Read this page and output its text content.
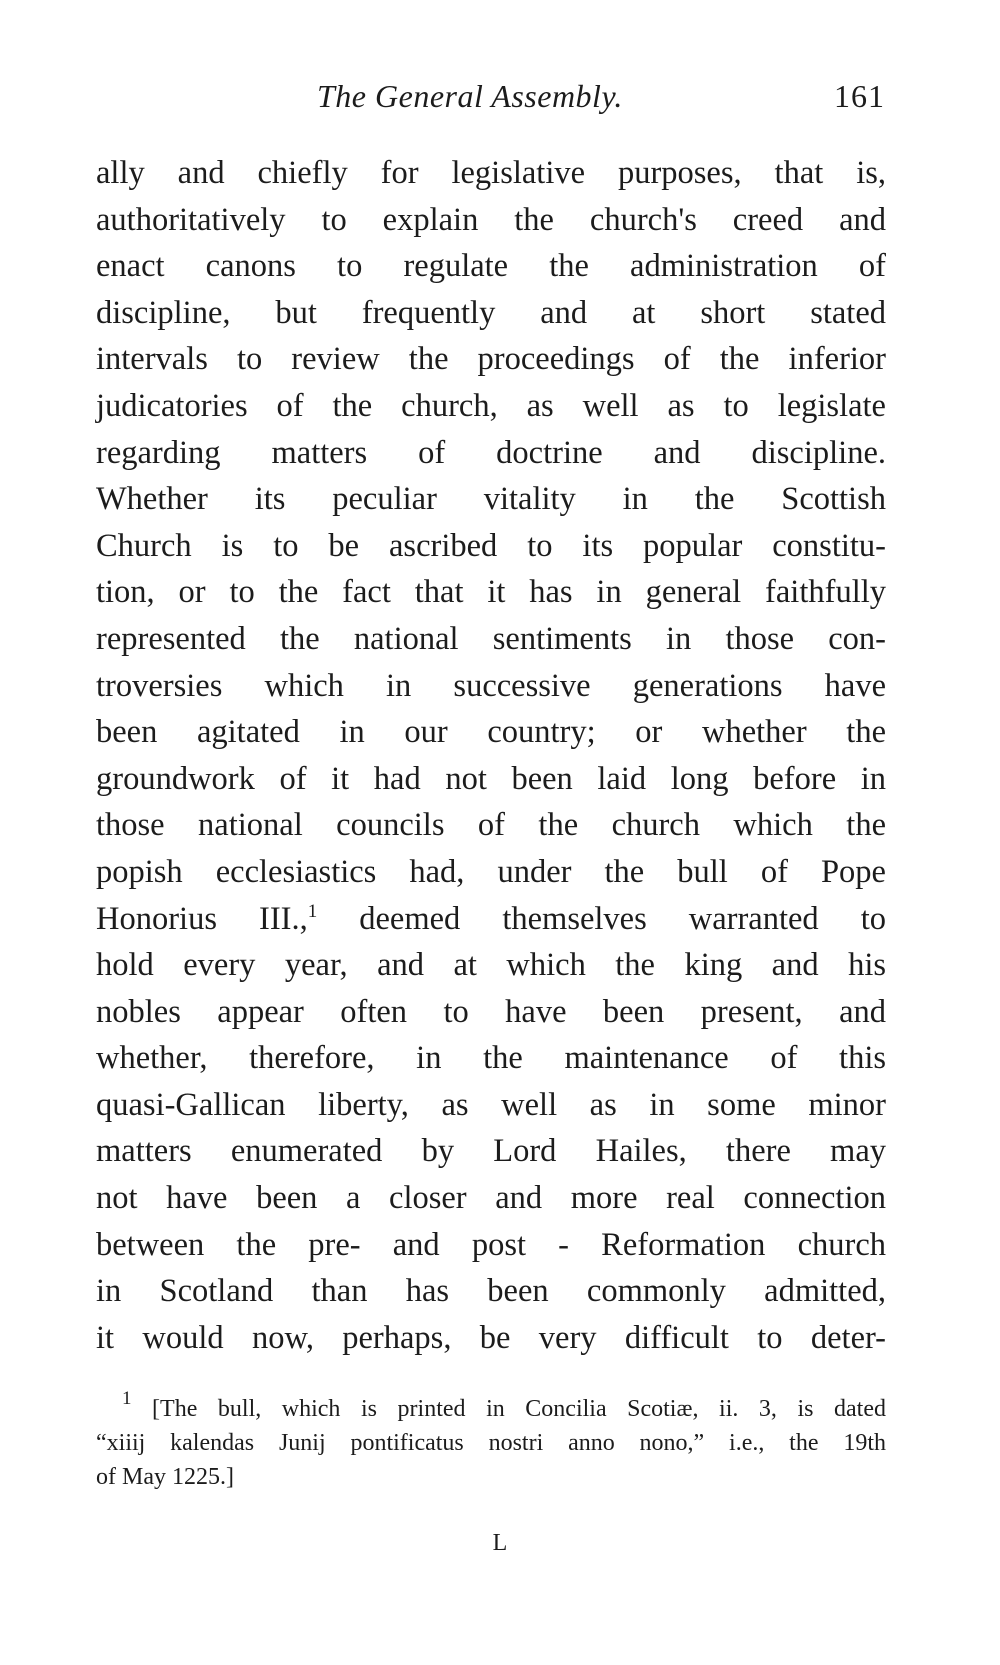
The General Assembly.	161
ally and chiefly for legislative purposes, that is,
authoritatively to explain the church's creed and
enact canons to regulate the administration of
discipline, but frequently and at short stated
intervals to review the proceedings of the inferior
judicatories of the church, as well as to legislate
regarding matters of doctrine and discipline.
Whether its peculiar vitality in the Scottish
Church is to be ascribed to its popular constitu-
tion, or to the fact that it has in general faithfully
represented the national sentiments in those con-
troversies which in successive generations have
been agitated in our country; or whether the
groundwork of it had not been laid long before in
those national councils of the church which the
popish ecclesiastics had, under the bull of Pope
Honorius III.,$^1$ deemed themselves warranted to
hold every year, and at which the king and his
nobles appear often to have been present, and
whether, therefore, in the maintenance of this
quasi-Gallican liberty, as well as in some minor
matters enumerated by Lord Hailes, there may
not have been a closer and more real connection
between the pre- and post - Reformation church
in Scotland than has been commonly admitted,
it would now, perhaps, be very difficult to deter-
$^1$ [The bull, which is printed in Concilia Scotiæ, ii. 3, is dated
“xiiij kalendas Junij pontificatus nostri anno nono,” i.e., the 19th
of May 1225.]
L
